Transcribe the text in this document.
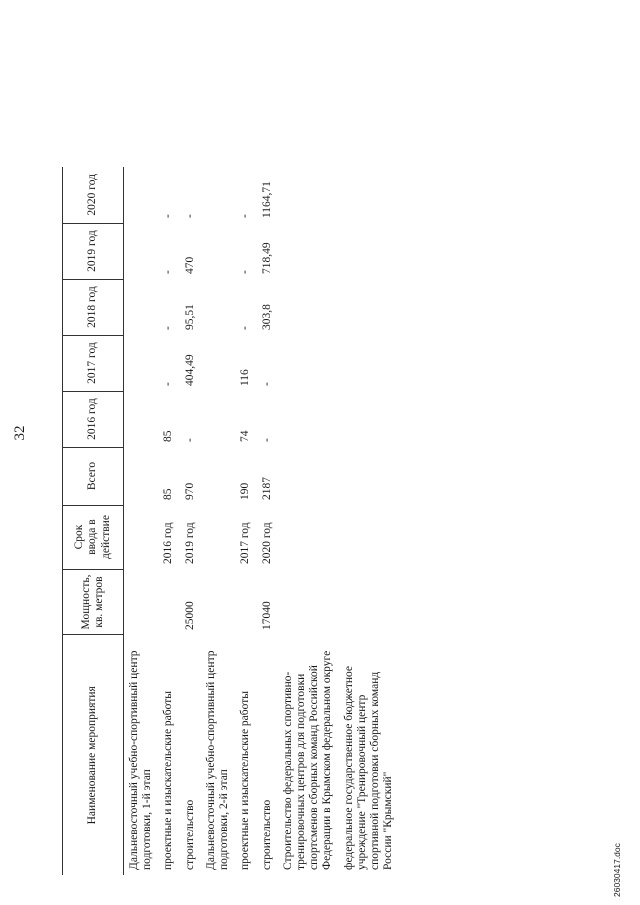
32
Наименование мероприятия	Мощность, кв. метров	Срок ввода в действие	Всего	2016 год	2017 год	2018 год	2019 год	2020 год
Дальневосточный учебно-спортивный центр подготовки, 1-й этап								
проектные и изыскательские работы		2016 год	85	85	-	-	-	-
строительство	25000	2019 год	970	-	404,49	95,51	470	-
Дальневосточный учебно-спортивный центр подготовки, 2-й этап								
проектные и изыскательские работы		2017 год	190	74	116	-	-	-
строительство	17040	2020 год	2187	-	-	303,8	718,49	1164,71
Строительство федеральных спортивно-тренировочных центров для подготовки спортсменов сборных команд Российской Федерации в Крымском федеральном округе								
федеральное государственное бюджетное учреждение "Тренировочный центр спортивной подготовки сборных команд России "Крымский"								
26030417.doc
